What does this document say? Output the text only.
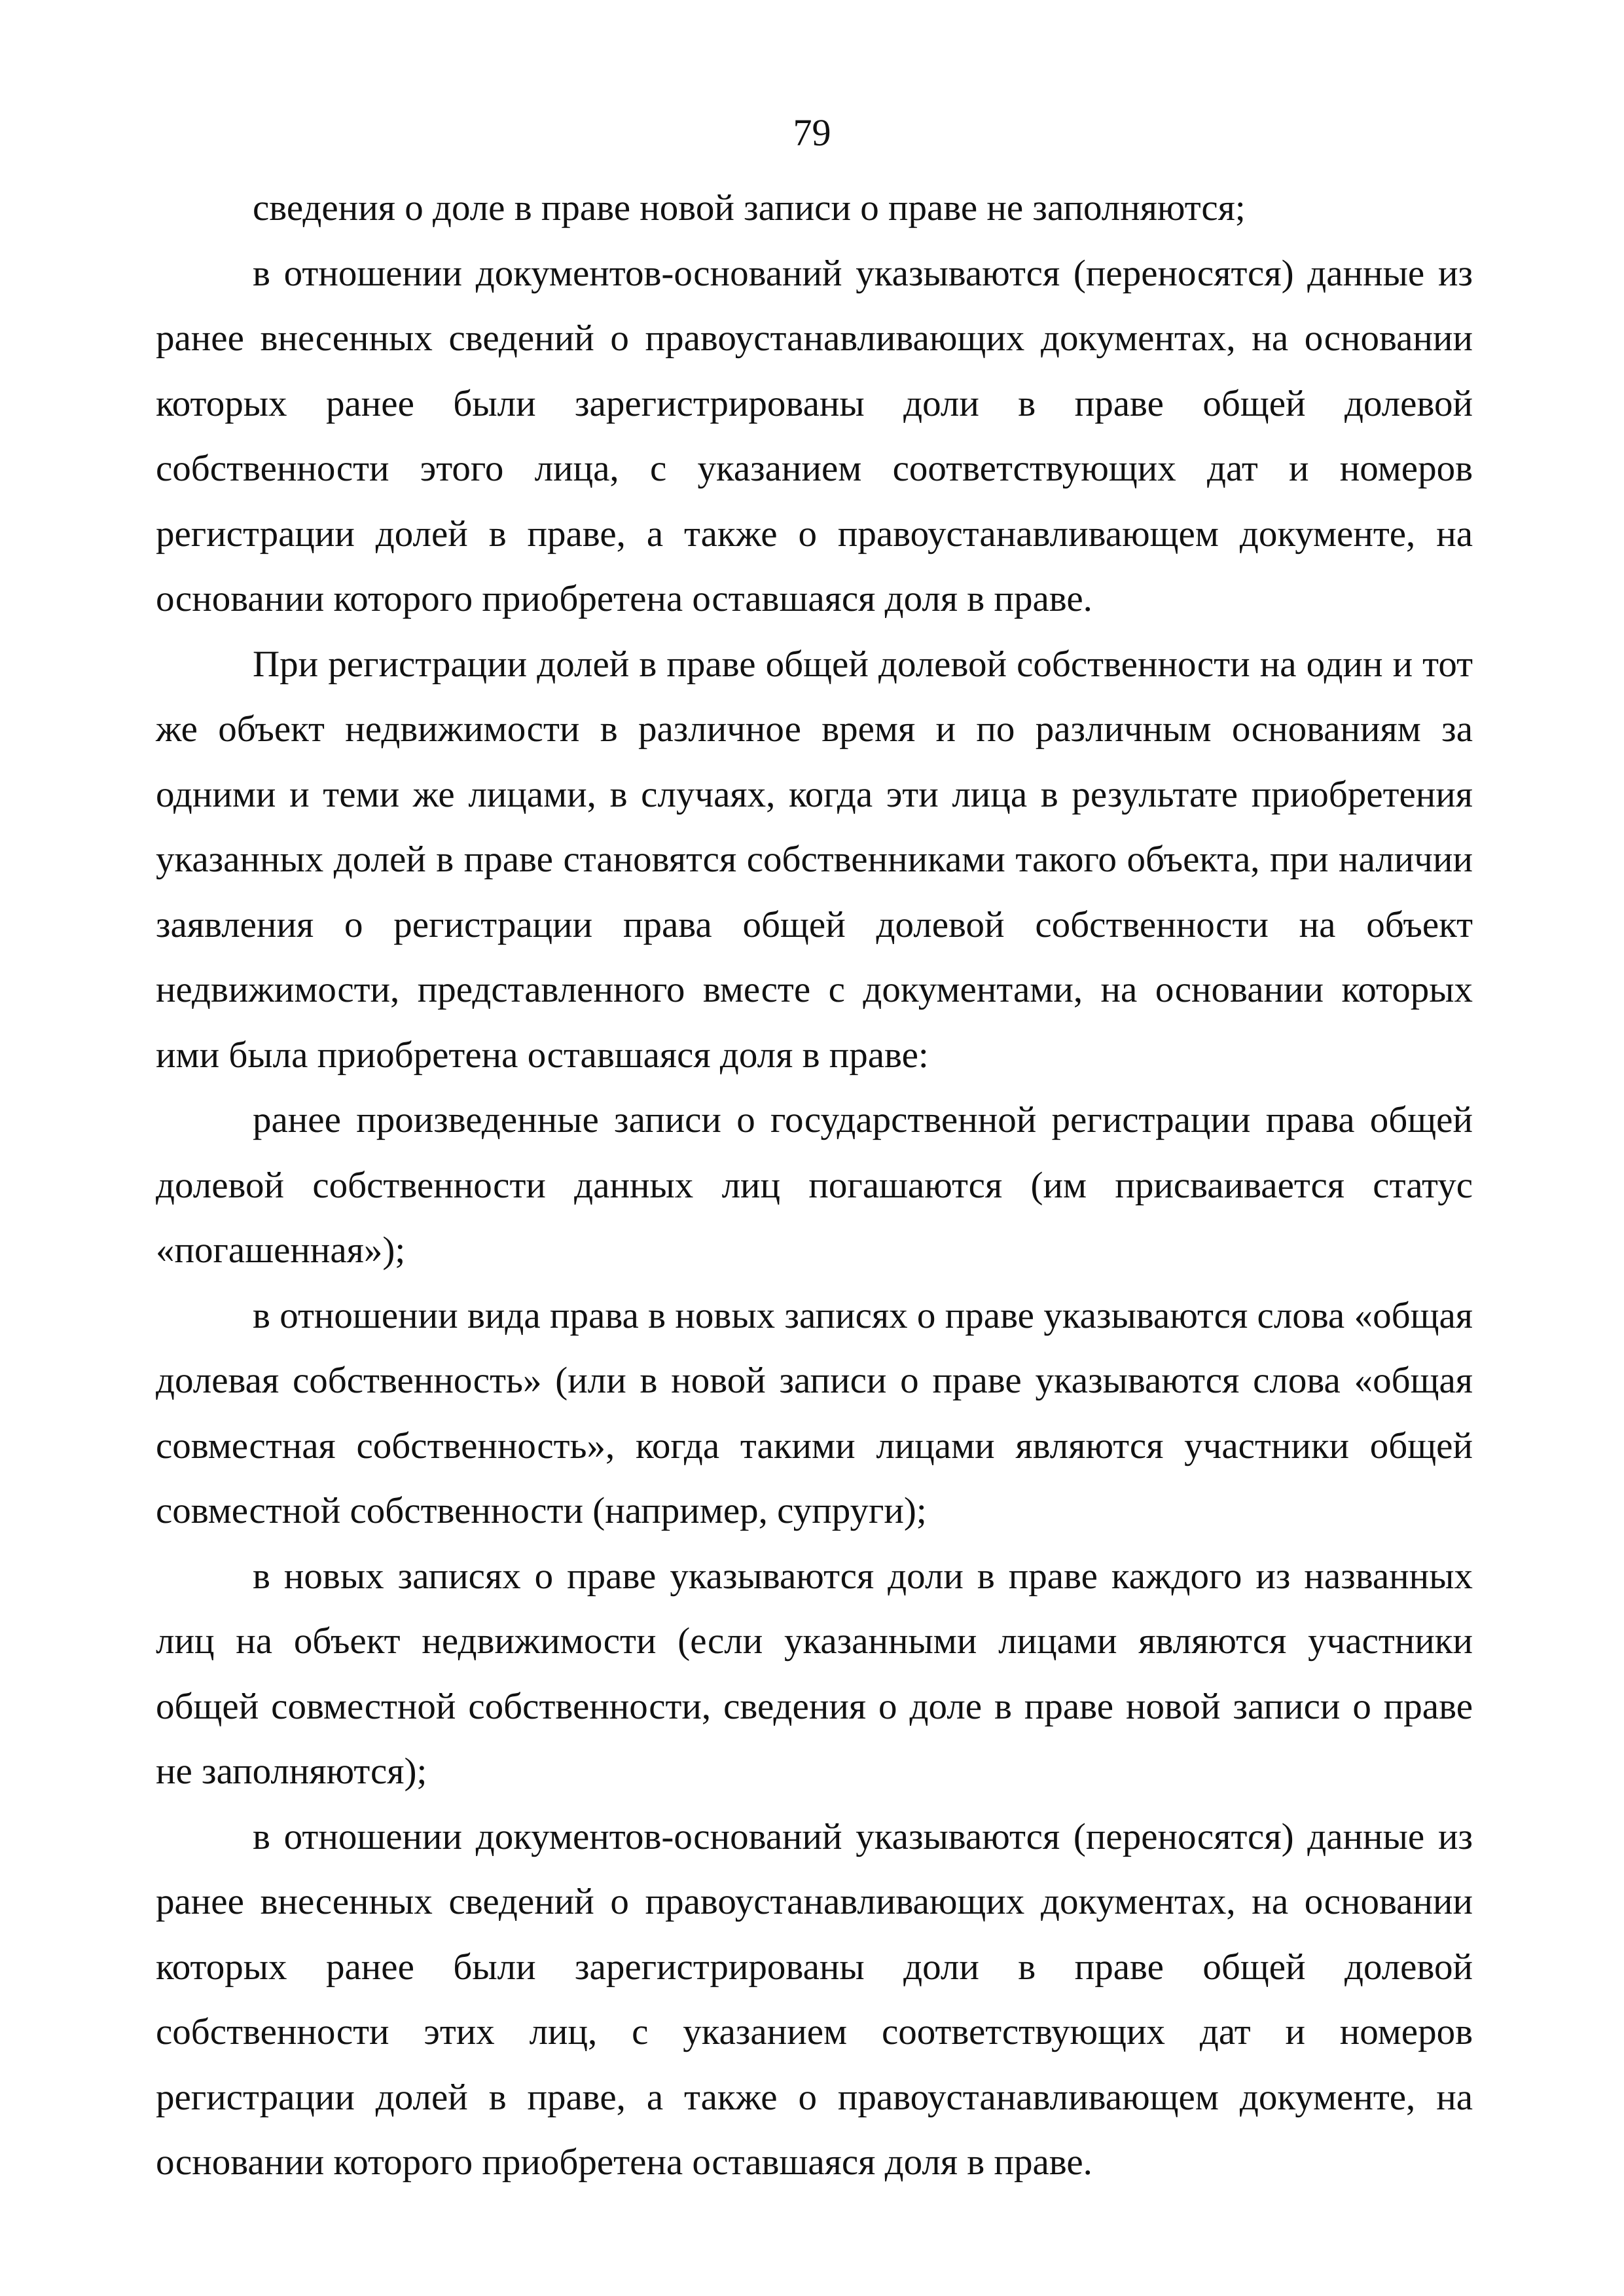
79

сведения о доле в праве новой записи о праве не заполняются;

в отношении документов-оснований указываются (переносятся) данные из ранее внесенных сведений о правоустанавливающих документах, на основании которых ранее были зарегистрированы доли в праве общей долевой собственности этого лица, с указанием соответствующих дат и номеров регистрации долей в праве, а также о правоустанавливающем документе, на основании которого приобретена оставшаяся доля в праве.

При регистрации долей в праве общей долевой собственности на один и тот же объект недвижимости в различное время и по различным основаниям за одними и теми же лицами, в случаях, когда эти лица в результате приобретения указанных долей в праве становятся собственниками такого объекта, при наличии заявления о регистрации права общей долевой собственности на объект недвижимости, представленного вместе с документами, на основании которых ими была приобретена оставшаяся доля в праве:

ранее произведенные записи о государственной регистрации права общей долевой собственности данных лиц погашаются (им присваивается статус «погашенная»);

в отношении вида права в новых записях о праве указываются слова «общая долевая собственность» (или в новой записи о праве указываются слова «общая совместная собственность», когда такими лицами являются участники общей совместной собственности (например, супруги);

в новых записях о праве указываются доли в праве каждого из названных лиц на объект недвижимости (если указанными лицами являются участники общей совместной собственности, сведения о доле в праве новой записи о праве не заполняются);

в отношении документов-оснований указываются (переносятся) данные из ранее внесенных сведений о правоустанавливающих документах, на основании которых ранее были зарегистрированы доли в праве общей долевой собственности этих лиц, с указанием соответствующих дат и номеров регистрации долей в праве, а также о правоустанавливающем документе, на основании которого приобретена оставшаяся доля в праве.
